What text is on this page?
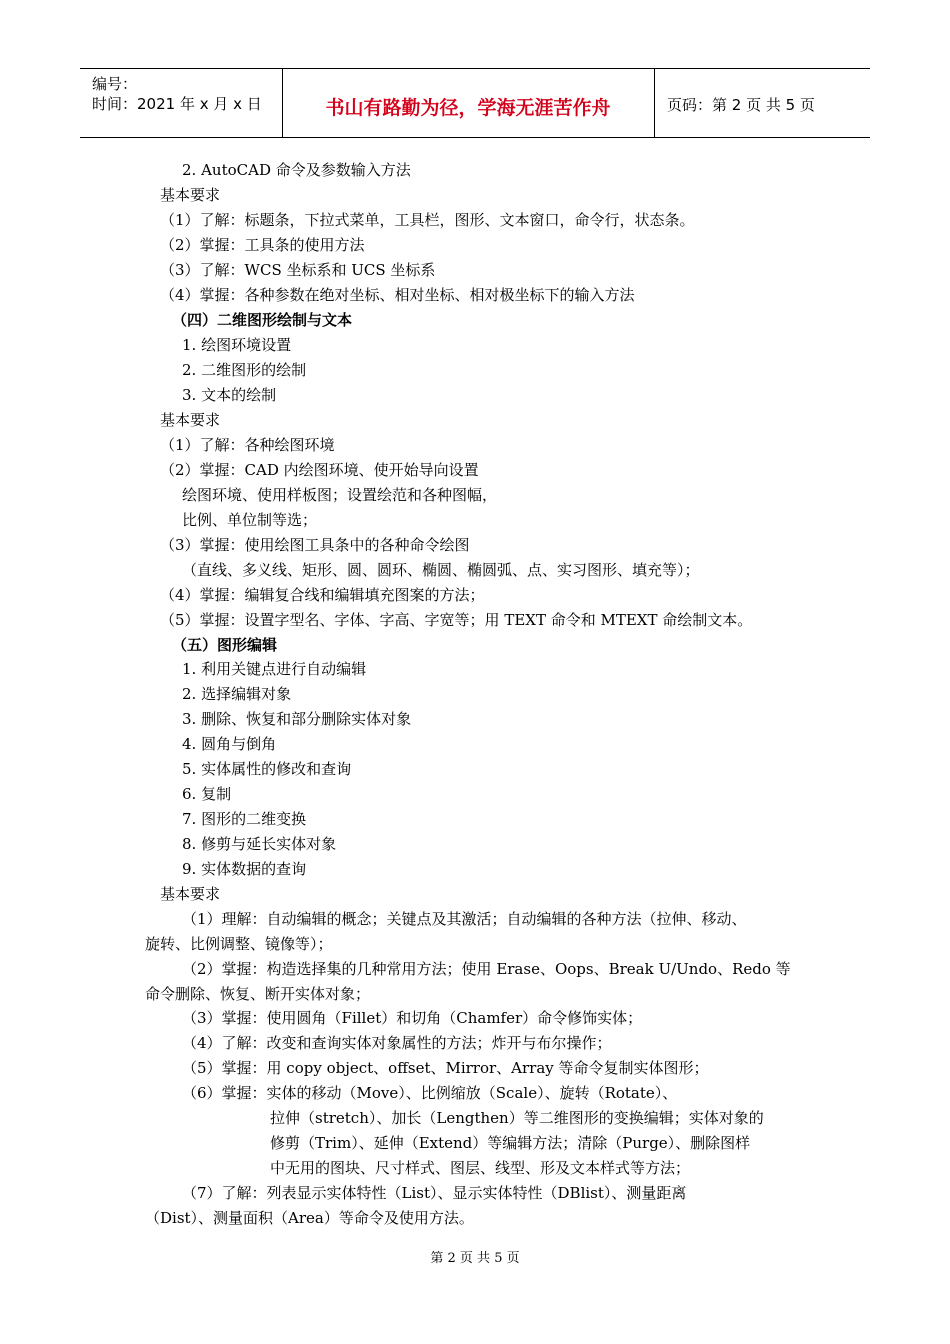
编号：
时间：2021 年 x 月 x 日	书山有路勤为径，学海无涯苦作舟	页码：第 2 页 共 5 页
2. AutoCAD 命令及参数输入方法
基本要求
（1）了解：标题条，下拉式菜单，工具栏，图形、文本窗口，命令行，状态条。
（2）掌握：工具条的使用方法
（3）了解：WCS 坐标系和 UCS 坐标系
（4）掌握：各种参数在绝对坐标、相对坐标、相对极坐标下的输入方法
（四）二维图形绘制与文本
1. 绘图环境设置
2. 二维图形的绘制
3. 文本的绘制
基本要求
（1）了解：各种绘图环境
（2）掌握：CAD 内绘图环境、使开始导向设置
绘图环境、使用样板图；设置绘范和各种图幅，
比例、单位制等选；
（3）掌握：使用绘图工具条中的各种命令绘图
（直线、多义线、矩形、圆、圆环、椭圆、椭圆弧、点、实习图形、填充等）；
（4）掌握：编辑复合线和编辑填充图案的方法；
（5）掌握：设置字型名、字体、字高、字宽等；用 TEXT 命令和 MTEXT 命绘制文本。
（五）图形编辑
1. 利用关键点进行自动编辑
2. 选择编辑对象
3. 删除、恢复和部分删除实体对象
4. 圆角与倒角
5. 实体属性的修改和查询
6. 复制
7. 图形的二维变换
8. 修剪与延长实体对象
9. 实体数据的查询
基本要求
（1）理解：自动编辑的概念；关键点及其激活；自动编辑的各种方法（拉伸、移动、
旋转、比例调整、镜像等）；
（2）掌握：构造选择集的几种常用方法；使用 Erase、Oops、Break U/Undo、Redo 等
命令删除、恢复、断开实体对象；
（3）掌握：使用圆角（Fillet）和切角（Chamfer）命令修饰实体；
（4）了解：改变和查询实体对象属性的方法；炸开与布尔操作；
（5）掌握：用 copy object、offset、Mirror、Array 等命令复制实体图形；
（6）掌握：实体的移动（Move）、比例缩放（Scale）、旋转（Rotate）、
拉伸（stretch）、加长（Lengthen）等二维图形的变换编辑；实体对象的
修剪（Trim）、延伸（Extend）等编辑方法；清除（Purge）、删除图样
中无用的图块、尺寸样式、图层、线型、形及文本样式等方法；
（7）了解：列表显示实体特性（List）、显示实体特性（DBlist）、测量距离
（Dist）、测量面积（Area）等命令及使用方法。
第 2 页 共 5 页
